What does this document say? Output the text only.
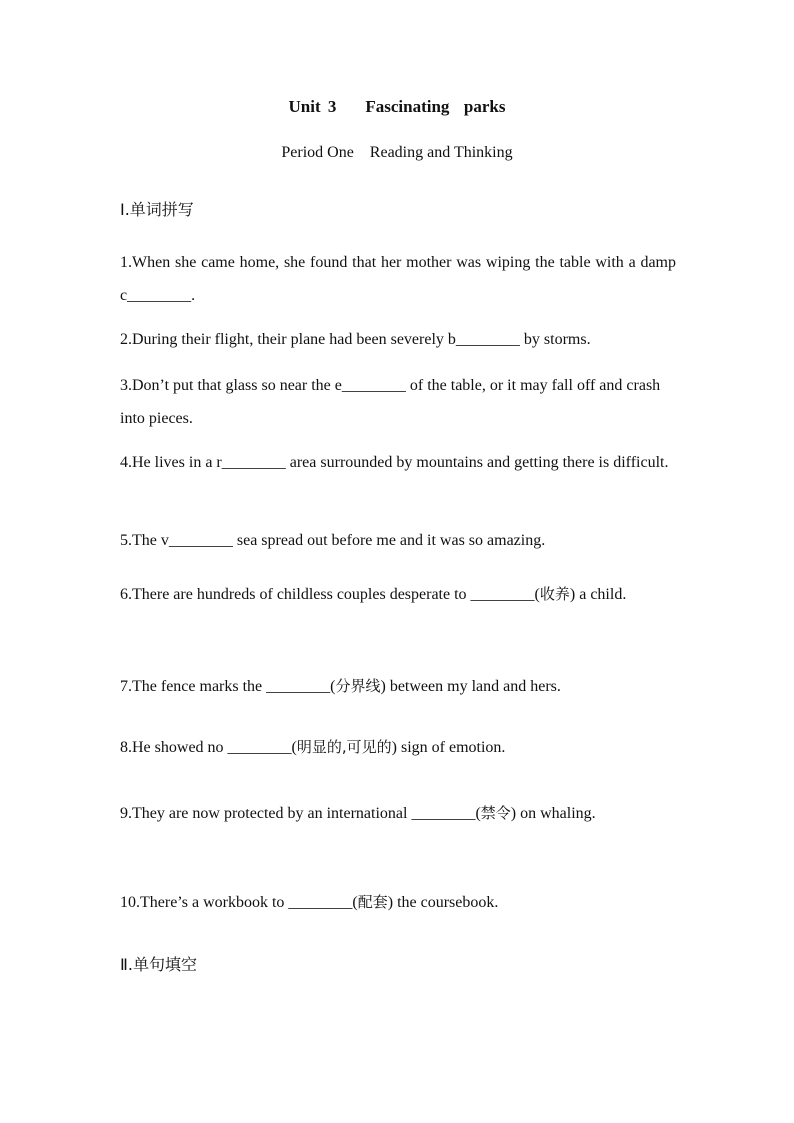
Unit 3    Fascinating  parks
Period One    Reading and Thinking
Ⅰ.单词拼写
1.When she came home, she found that her mother was wiping the table with a damp c________.
2.During their flight, their plane had been severely b________ by storms.
3.Don’t put that glass so near the e________ of the table, or it may fall off and crash into pieces.
4.He lives in a r________ area surrounded by mountains and getting there is difficult.
5.The v________ sea spread out before me and it was so amazing.
6.There are hundreds of childless couples desperate to ________(收养) a child.
7.The fence marks the ________(分界线) between my land and hers.
8.He showed no ________(明显的,可见的) sign of emotion.
9.They are now protected by an international ________(禁令) on whaling.
10.There’s a workbook to ________(配套) the coursebook.
Ⅱ.单句填空
